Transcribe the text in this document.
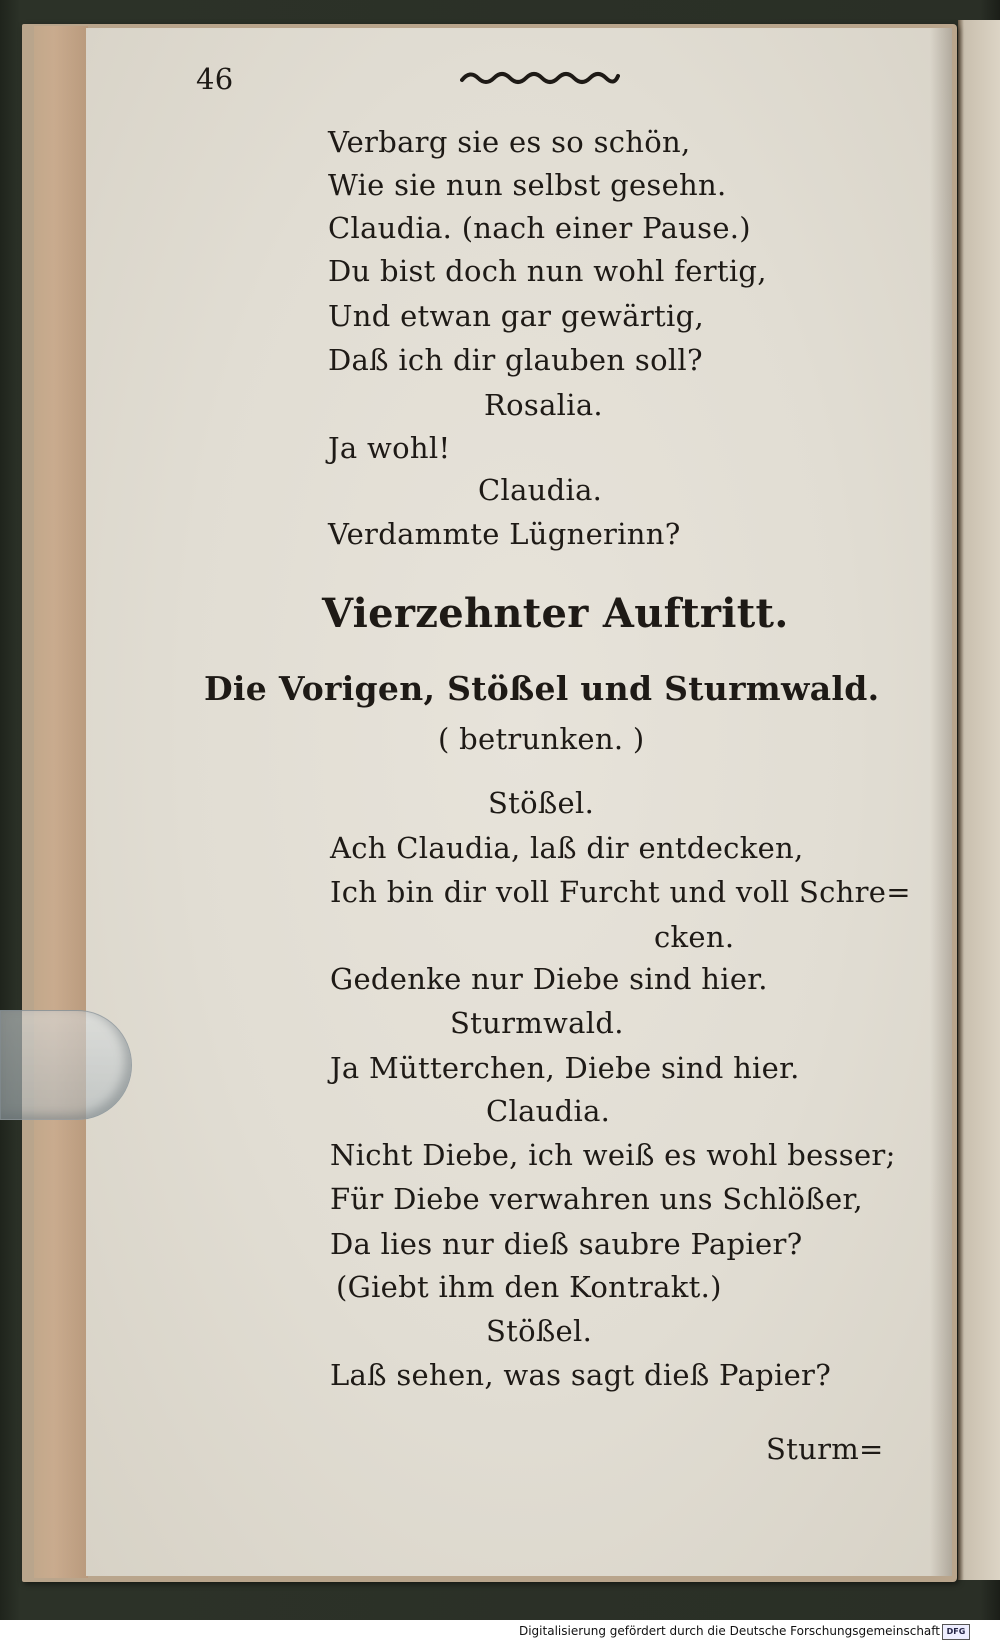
46
Verbarg sie es so schön,
Wie sie nun selbst gesehn.
Claudia. (nach einer Pause.)
Du bist doch nun wohl fertig,
Und etwan gar gewärtig,
Daß ich dir glauben soll?
Rosalia.
Ja wohl!
Claudia.
Verdammte Lügnerinn?
Vierzehnter Auftritt.
Die Vorigen, Stößel und Sturmwald.
( betrunken. )
Stößel.
Ach Claudia, laß dir entdecken,
Ich bin dir voll Furcht und voll Schre=
cken.
Gedenke nur Diebe sind hier.
Sturmwald.
Ja Mütterchen, Diebe sind hier.
Claudia.
Nicht Diebe, ich weiß es wohl besser;
Für Diebe verwahren uns Schlößer,
Da lies nur dieß saubre Papier?
(Giebt ihm den Kontrakt.)
Stößel.
Laß sehen, was sagt dieß Papier?
Sturm=
Digitalisierung gefördert durch die Deutsche Forschungsgemeinschaft DFG
